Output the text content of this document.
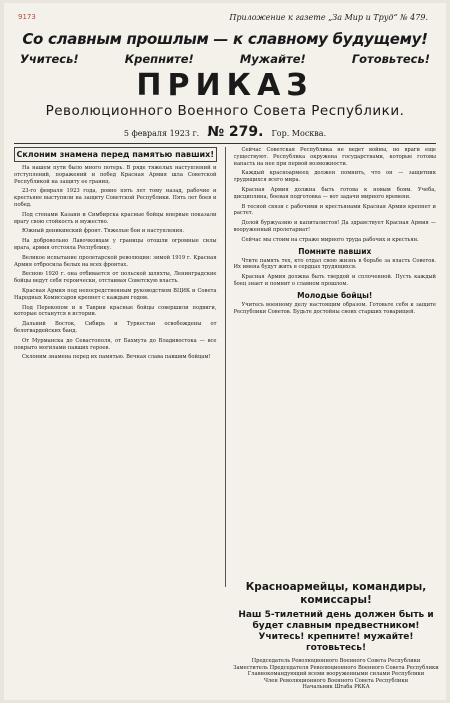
9173	Приложение к газете „За Мир и Труд“ № 479.
Со славным прошлым — к славному будущему!
Учитесь!	Крепните!	Мужайте!	Готовьтесь!
ПРИКАЗ
Революционного Военного Совета Республики.
5 февраля 1923 г. № 279. Гор. Москва.
Склоним знамена перед памятью павших!

На нашем пути было много потерь. В ряде тяжелых наступлений и отступлений, поражений и побед Красная Армия шла Советской Республикой на защиту ее границ.

23-го февраля 1923 года, ровно пять лет тому назад, рабочие и крестьяне выступили на защиту Советской Республики. Пять лет боев и побед.

Под стенами Казани и Симбирска красные бойцы впервые показали врагу свою стойкость и мужество.

Южный деникинский фронт. Тяжелые бои и наступления.

На добровольно Лавочковцам у границы отошли огромные силы врага, армия отстояла Республику.

Великое испытание пролетарской революции: зимой 1919 г. Красная Армия отбросила белых на всех фронтах.

Весною 1920 г. она отбивается от польской шляхты, Ленинградские бойцы ведут себя героически, отстаивая Советскую власть.

Красная Армия под непосредственным руководством ВЦИК и Совета Народных Комиссаров крепнет с каждым годом.

Под Перекопом и в Таврии красные бойцы совершили подвиги, которые останутся в истории.

Дальний Восток, Сибирь и Туркестан освобождены от белогвардейских банд.

От Мурманска до Севастополя, от Бахмута до Владивостока — все покрыто могилами павших героев.

Склоним знамена перед их памятью. Вечная слава павшим бойцам!

Сейчас Советская Республика не ведет войны, но враги еще существуют. Республика окружена государствами, которые готовы напасть на нее при первой возможности.

Каждый красноармеец должен помнить, что он — защитник трудящихся всего мира.

Красная Армия должна быть готова к новым боям. Учеба, дисциплина, боевая подготовка — вот задачи мирного времени.

В тесной связи с рабочими и крестьянами Красная Армия крепнет и растет.

Долой буржуазию и капиталистов! Да здравствует Красная Армия — вооруженный пролетариат!

Сейчас мы стоим на страже мирного труда рабочих и крестьян.

Помните павших

Чтите память тех, кто отдал свою жизнь в борьбе за власть Советов. Их имена будут жить в сердцах трудящихся.

Красная Армия должна быть твердой и сплоченной. Пусть каждый боец знает и помнит о славном прошлом.

Молодые бойцы!

Учитесь военному делу настоящим образом. Готовьте себя к защите Республики Советов. Будьте достойны своих старших товарищей.

Красноармейцы, командиры, комиссары!
Наш 5-тилетний день должен быть и будет славным предвестником! Учитесь! крепните! мужайте! готовьтесь!
Председатель Революционного Военного Совета Республики
Заместитель Председателя Революционного Военного Совета Республики
Главнокомандующий всеми вооруженными силами Республики
Член Революционного Военного Совета Республики
Начальник Штаба РККА
